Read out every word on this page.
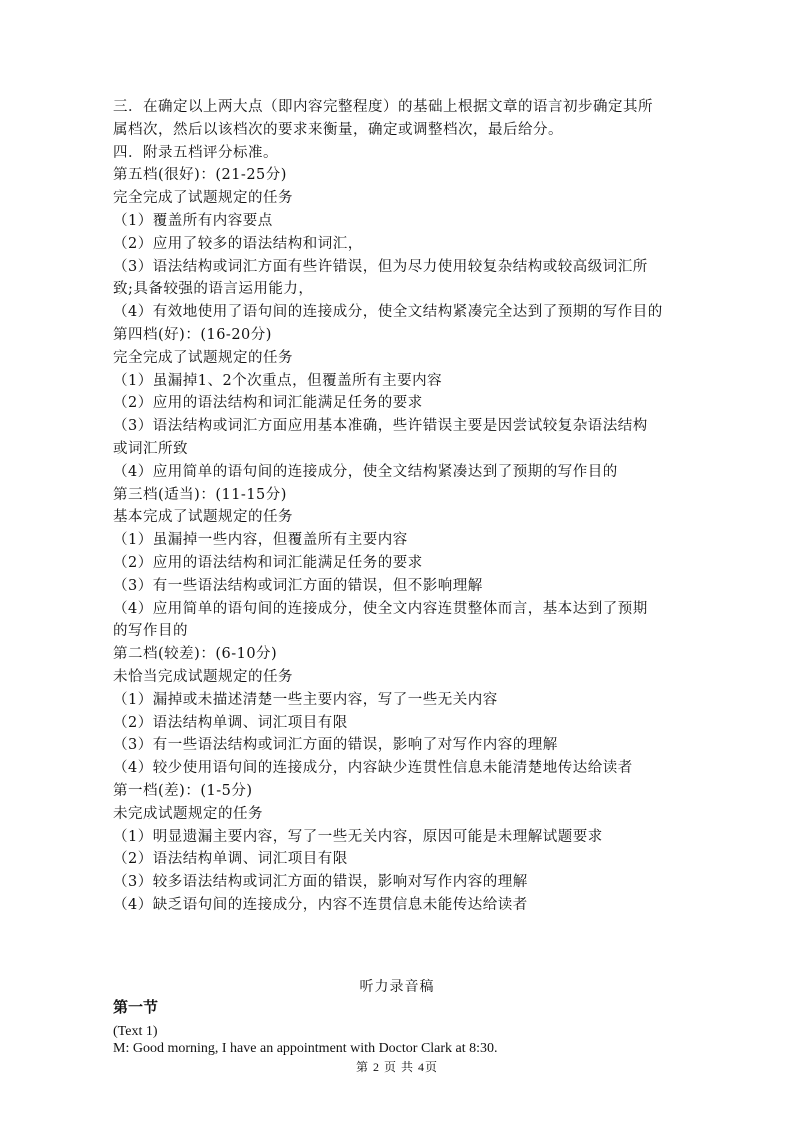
三．在确定以上两大点（即内容完整程度）的基础上根据文章的语言初步确定其所
属档次，然后以该档次的要求来衡量，确定或调整档次，最后给分。
四．附录五档评分标准。
第五档(很好)：(21-25分)
完全完成了试题规定的任务
（1）覆盖所有内容要点
（2）应用了较多的语法结构和词汇，
（3）语法结构或词汇方面有些许错误，但为尽力使用较复杂结构或较高级词汇所
致;具备较强的语言运用能力，
（4）有效地使用了语句间的连接成分，使全文结构紧凑完全达到了预期的写作目的
第四档(好)：(16-20分)
完全完成了试题规定的任务
（1）虽漏掉1、2个次重点，但覆盖所有主要内容
（2）应用的语法结构和词汇能满足任务的要求
（3）语法结构或词汇方面应用基本准确，些许错误主要是因尝试较复杂语法结构
或词汇所致
（4）应用简单的语句间的连接成分，使全文结构紧凑达到了预期的写作目的
第三档(适当)：(11-15分)
基本完成了试题规定的任务
（1）虽漏掉一些内容，但覆盖所有主要内容
（2）应用的语法结构和词汇能满足任务的要求
（3）有一些语法结构或词汇方面的错误，但不影响理解
（4）应用简单的语句间的连接成分，使全文内容连贯整体而言，基本达到了预期
的写作目的
第二档(较差)：(6-10分)
未恰当完成试题规定的任务
（1）漏掉或未描述清楚一些主要内容，写了一些无关内容
（2）语法结构单调、词汇项目有限
（3）有一些语法结构或词汇方面的错误，影响了对写作内容的理解
（4）较少使用语句间的连接成分，内容缺少连贯性信息未能清楚地传达给读者
第一档(差)：(1-5分)
未完成试题规定的任务
（1）明显遗漏主要内容，写了一些无关内容，原因可能是未理解试题要求
（2）语法结构单调、词汇项目有限
（3）较多语法结构或词汇方面的错误，影响对写作内容的理解
（4）缺乏语句间的连接成分，内容不连贯信息未能传达给读者
听力录音稿
第一节
(Text 1)
M: Good morning, I have an appointment with Doctor Clark at 8:30.
第 2 页 共 4页
